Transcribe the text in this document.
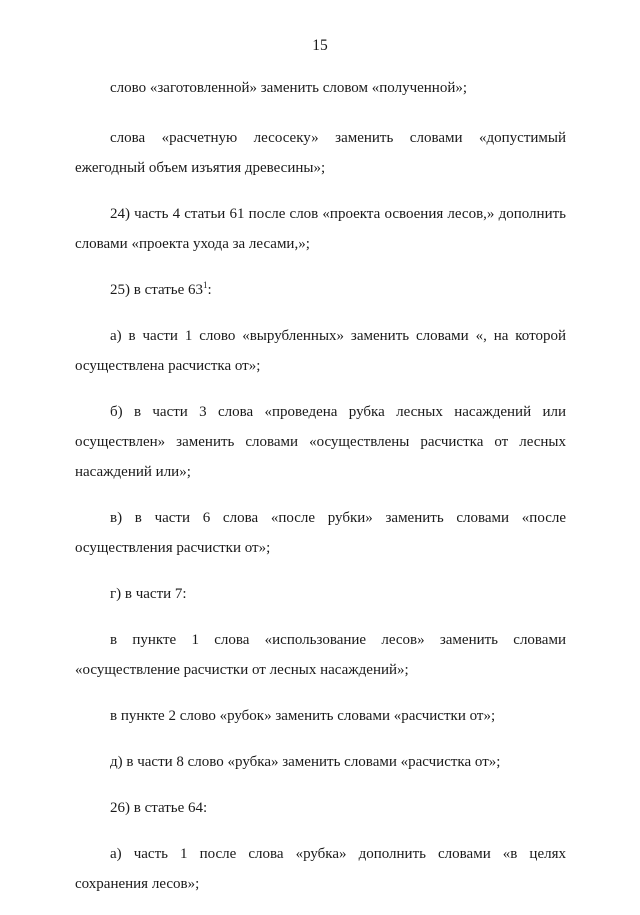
15

слово «заготовленной» заменить словом «полученной»;

слова «расчетную лесосеку» заменить словами «допустимый ежегодный объем изъятия древесины»;

24) часть 4 статьи 61 после слов «проекта освоения лесов,» дополнить словами «проекта ухода за лесами,»;

25) в статье $63^1$:

а) в части 1 слово «вырубленных» заменить словами «, на которой осуществлена расчистка от»;

б) в части 3 слова «проведена рубка лесных насаждений или осуществлен» заменить словами «осуществлены расчистка от лесных насаждений или»;

в) в части 6 слова «после рубки» заменить словами «после осуществления расчистки от»;

г) в части 7:

в пункте 1 слова «использование лесов» заменить словами «осуществление расчистки от лесных насаждений»;

в пункте 2 слово «рубок» заменить словами «расчистки от»;

д) в части 8 слово «рубка» заменить словами «расчистка от»;

26) в статье 64:

а) часть 1 после слова «рубка» дополнить словами «в целях сохранения лесов»;
